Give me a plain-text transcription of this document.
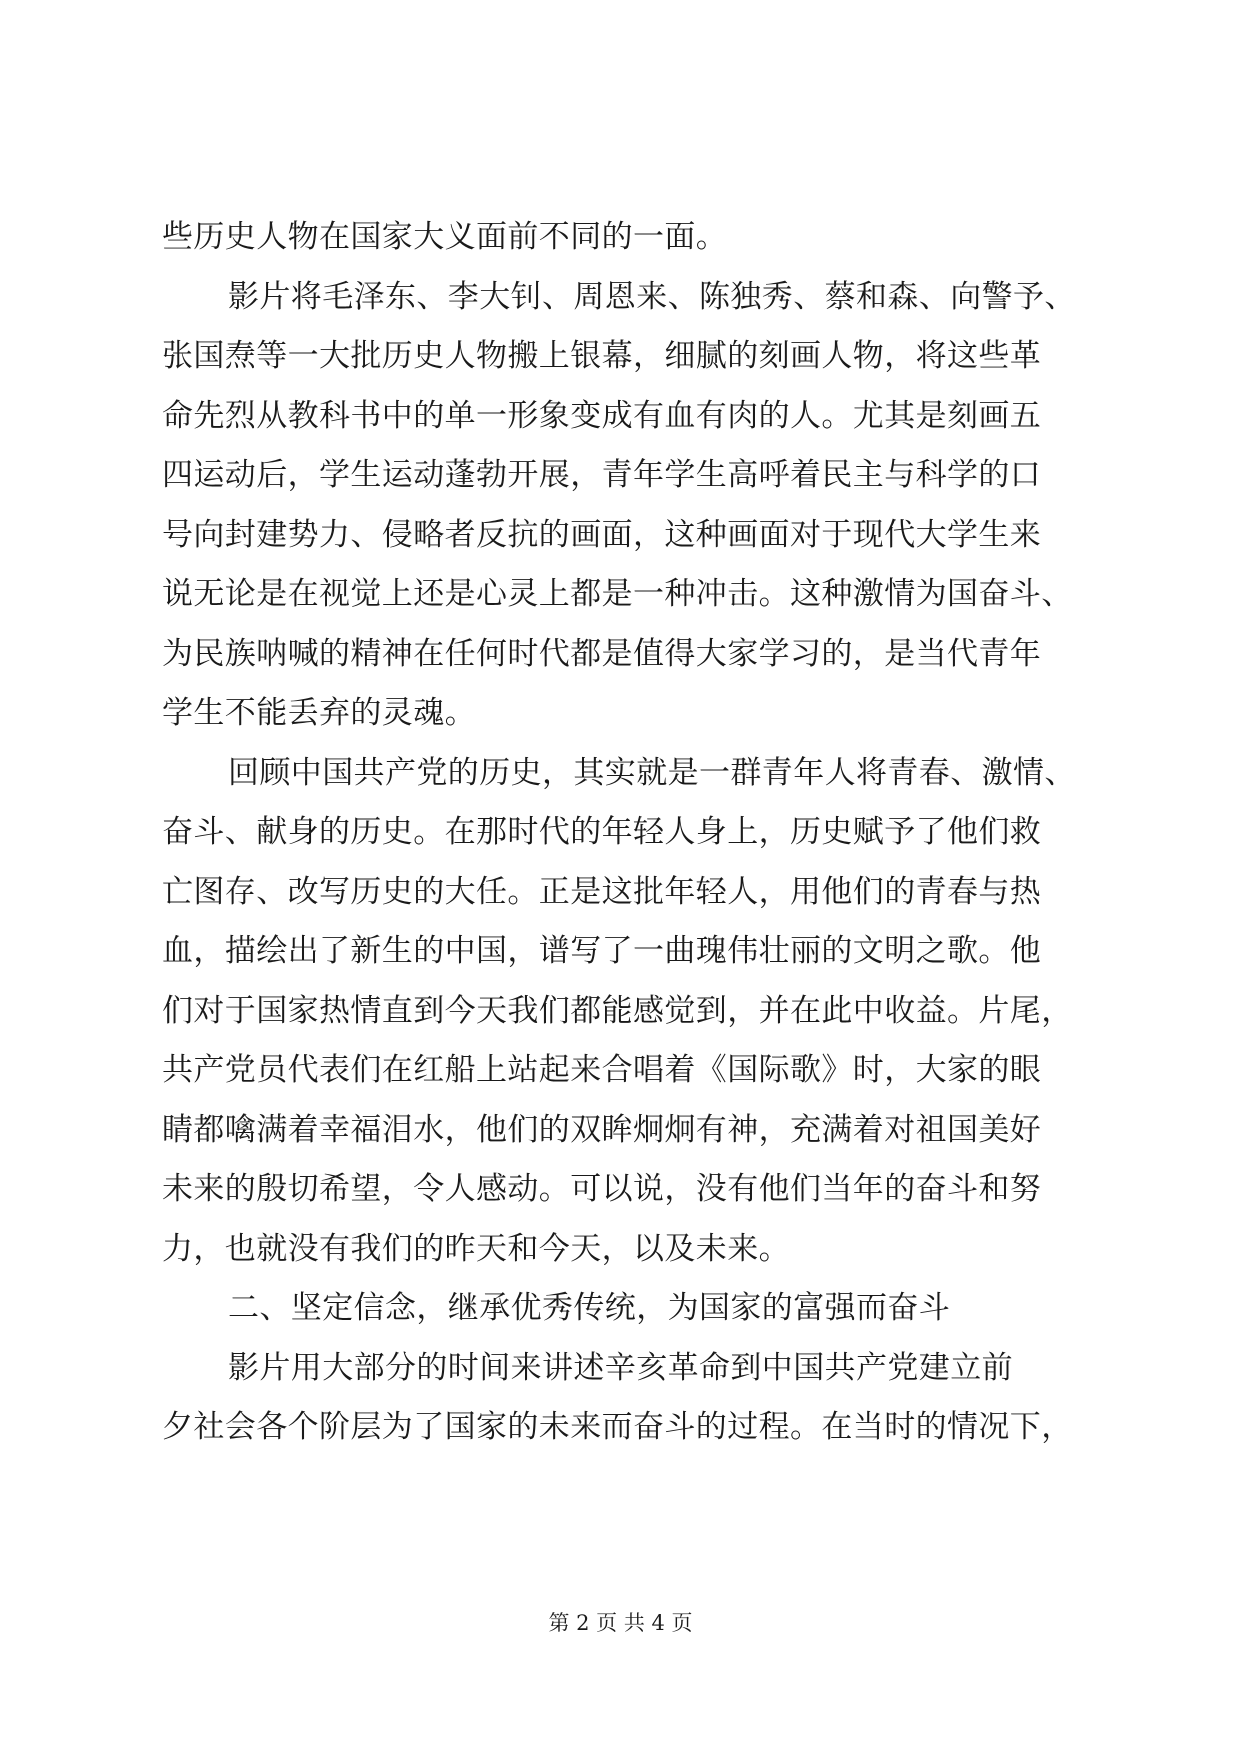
些历史人物在国家大义面前不同的一面。
影片将毛泽东、李大钊、周恩来、陈独秀、蔡和森、向警予、
张国焘等一大批历史人物搬上银幕，细腻的刻画人物，将这些革
命先烈从教科书中的单一形象变成有血有肉的人。尤其是刻画五
四运动后，学生运动蓬勃开展，青年学生高呼着民主与科学的口
号向封建势力、侵略者反抗的画面，这种画面对于现代大学生来
说无论是在视觉上还是心灵上都是一种冲击。这种激情为国奋斗、
为民族呐喊的精神在任何时代都是值得大家学习的，是当代青年
学生不能丢弃的灵魂。
回顾中国共产党的历史，其实就是一群青年人将青春、激情、
奋斗、献身的历史。在那时代的年轻人身上，历史赋予了他们救
亡图存、改写历史的大任。正是这批年轻人，用他们的青春与热
血，描绘出了新生的中国，谱写了一曲瑰伟壮丽的文明之歌。他
们对于国家热情直到今天我们都能感觉到，并在此中收益。片尾，
共产党员代表们在红船上站起来合唱着《国际歌》时，大家的眼
睛都噙满着幸福泪水，他们的双眸炯炯有神，充满着对祖国美好
未来的殷切希望，令人感动。可以说，没有他们当年的奋斗和努
力，也就没有我们的昨天和今天，以及未来。
二、坚定信念，继承优秀传统，为国家的富强而奋斗
影片用大部分的时间来讲述辛亥革命到中国共产党建立前
夕社会各个阶层为了国家的未来而奋斗的过程。在当时的情况下，
第 2 页 共 4 页
